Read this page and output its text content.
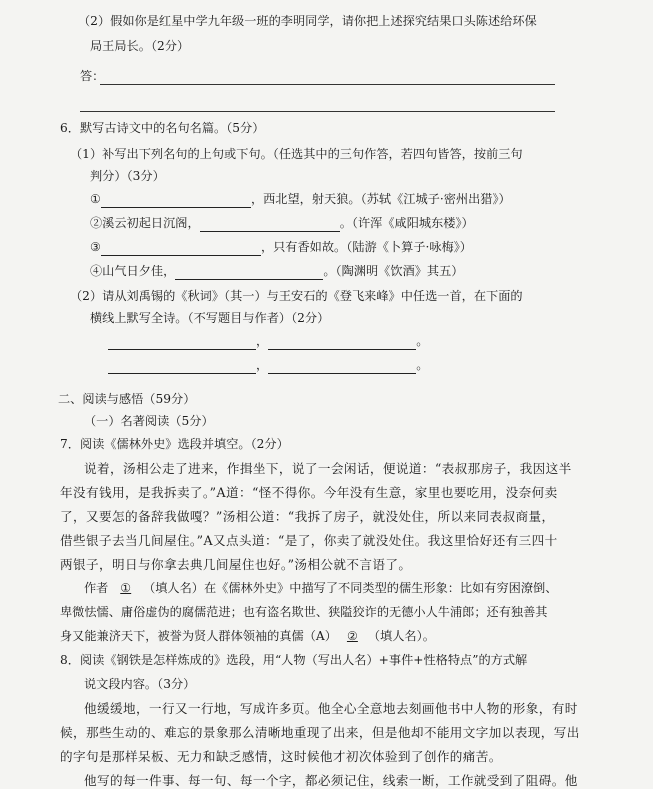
（2）假如你是红星中学九年级一班的李明同学，请你把上述探究结果口头陈述给环保
局王局长。（2分）
答：
6．默写古诗文中的名句名篇。（5分）
（1）补写出下列名句的上句或下句。（任选其中的三句作答，若四句皆答，按前三句
判分）（3分）
①	，西北望，射天狼。（苏轼《江城子·密州出猎》）
②溪云初起日沉阁，	。（许浑《咸阳城东楼》）
③	，只有香如故。（陆游《卜算子·咏梅》）
④山气日夕佳，	。（陶渊明《饮酒》其五）
（2）请从刘禹锡的《秋词》（其一）与王安石的《登飞来峰》中任选一首，在下面的
横线上默写全诗。（不写题目与作者）（2分）
，	。
，	。
二、阅读与感悟（59分）
（一）名著阅读（5分）
7．阅读《儒林外史》选段并填空。（2分）
说着，汤相公走了进来，作揖坐下，说了一会闲话，便说道：“表叔那房子，我因这半
年没有钱用，是我拆卖了。”A道：“怪不得你。今年没有生意，家里也要吃用，没奈何卖
了，又要怎的备辞我做嘎？”汤相公道：“我拆了房子，就没处住，所以来同表叔商量，
借些银子去当几间屋住。”A又点头道：“是了，你卖了就没处住。我这里恰好还有三四十
两银子，明日与你拿去典几间屋住也好。”汤相公就不言语了。
作者 ① （填人名）在《儒林外史》中描写了不同类型的儒生形象：比如有穷困潦倒、
卑微怯懦、庸俗虚伪的腐儒范进；也有盗名欺世、狭隘狡诈的无德小人牛浦郎；还有独善其
身又能兼济天下，被誉为贤人群体领袖的真儒（A） ② （填人名）。
8．阅读《钢铁是怎样炼成的》选段，用“人物（写出人名）+事件+性格特点”的方式解
说文段内容。（3分）
他缓缓地，一行又一行地，写成许多页。他全心全意地去刻画他书中人物的形象，有时
候，那些生动的、难忘的景象那么清晰地重现了出来，但是他却不能用文字加以表现，写出
的字句是那样呆板、无力和缺乏感情，这时候他才初次体验到了创作的痛苦。
他写的每一件事、每一句、每一个字，都必须记住，线索一断，工作就受到了阻碍。他
